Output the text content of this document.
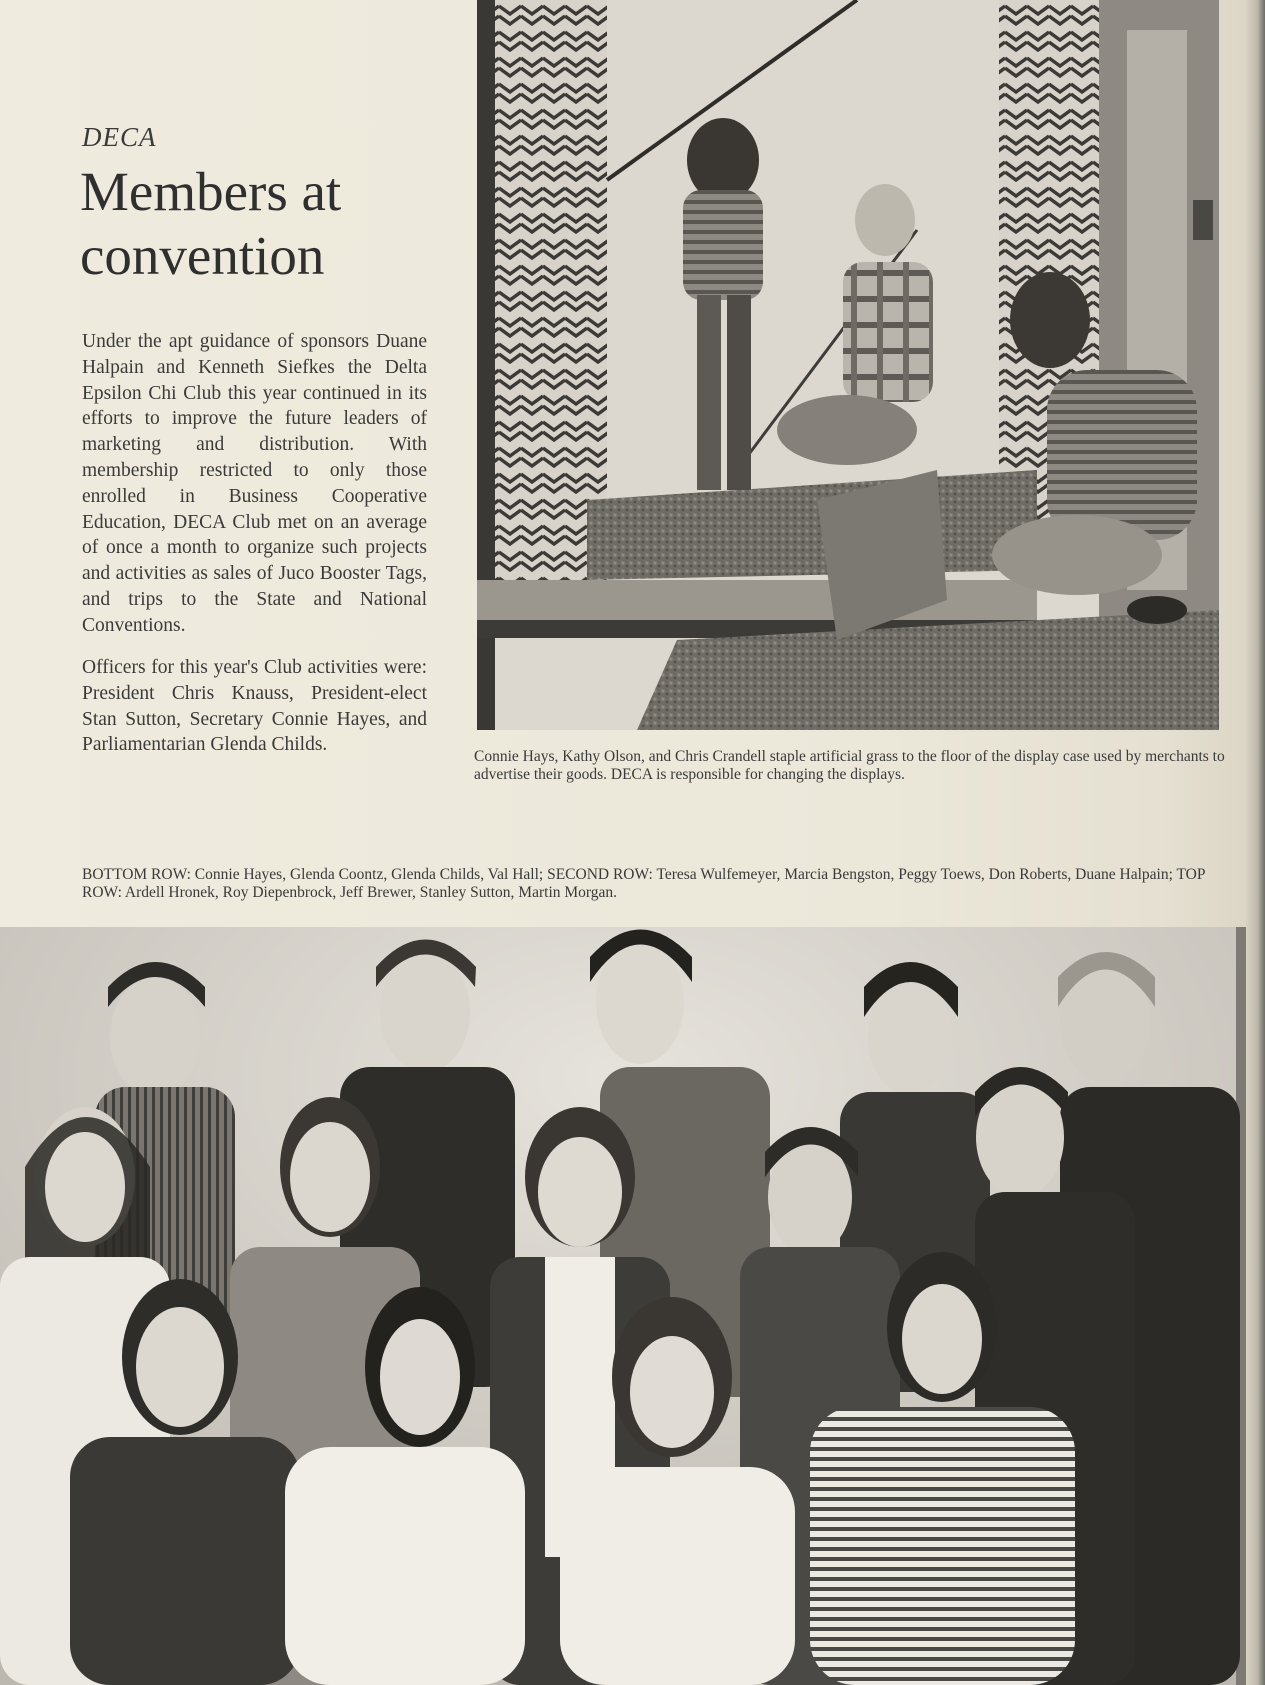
DECA

Members at
convention

Under the apt guidance of sponsors Duane Halpain and Kenneth Siefkes the Delta Epsilon Chi Club this year continued in its efforts to improve the future leaders of marketing and distribution. With membership restricted to only those enrolled in Business Cooperative Education, DECA Club met on an average of once a month to organize such projects and activities as sales of Juco Booster Tags, and trips to the State and National Conventions.

Officers for this year's Club activities were: President Chris Knauss, President-elect Stan Sutton, Secretary Connie Hayes, and Parliamentarian Glenda Childs.

Connie Hays, Kathy Olson, and Chris Crandell staple artificial grass to the floor of the display case used by merchants to advertise their goods. DECA is responsible for changing the displays.

BOTTOM ROW: Connie Hayes, Glenda Coontz, Glenda Childs, Val Hall; SECOND ROW: Teresa Wulfemeyer, Marcia Bengston, Peggy Toews, Don Roberts, Duane Halpain; TOP ROW: Ardell Hronek, Roy Diepenbrock, Jeff Brewer, Stanley Sutton, Martin Morgan.
